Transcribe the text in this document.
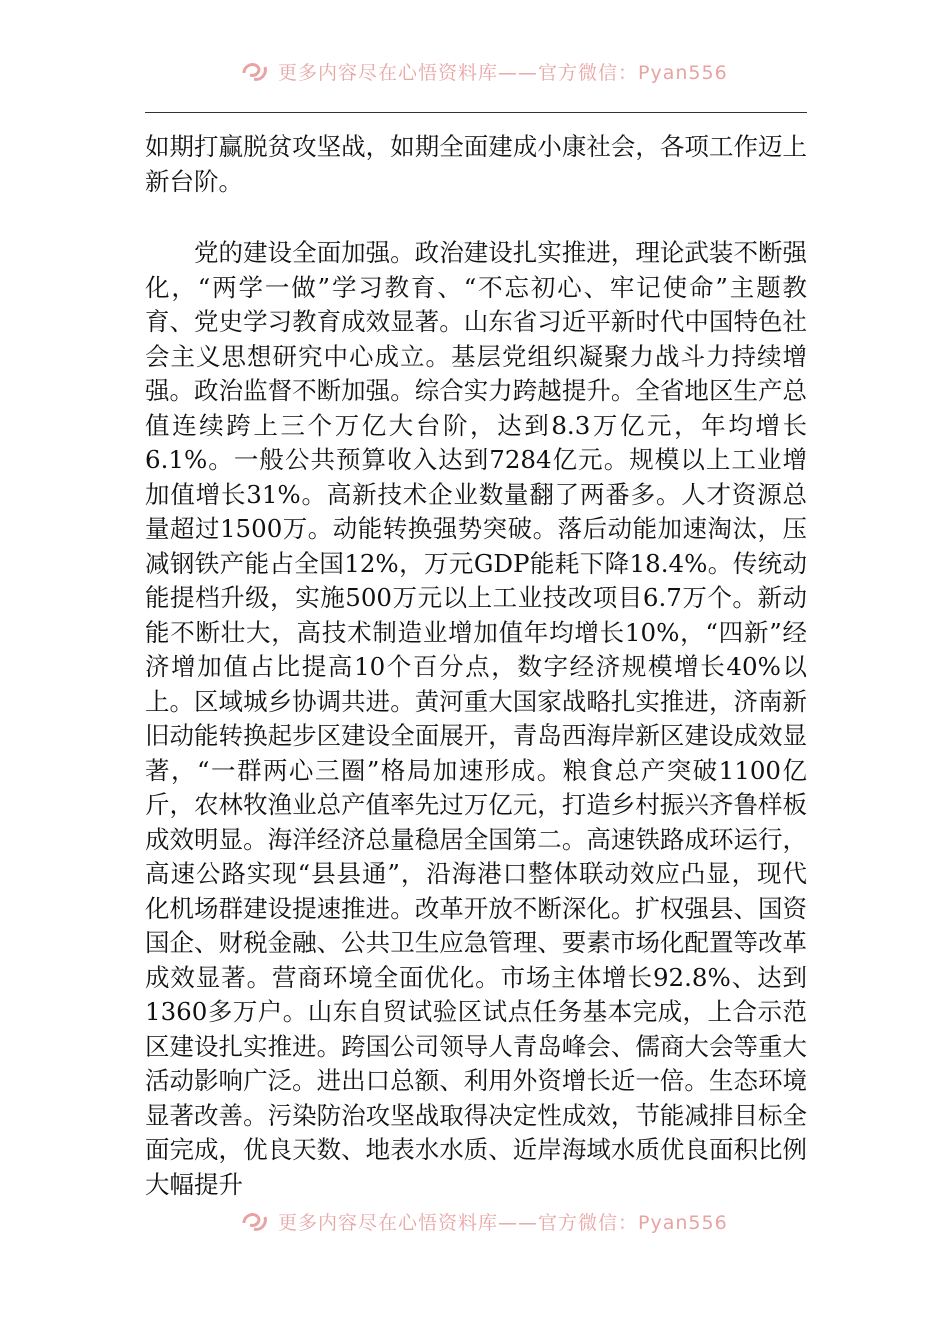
更多内容尽在心悟资料库——官方微信：Pyan556

如期打赢脱贫攻坚战，如期全面建成小康社会，各项工作迈上新台阶。

党的建设全面加强。政治建设扎实推进，理论武装不断强化，“两学一做”学习教育、“不忘初心、牢记使命”主题教育、党史学习教育成效显著。山东省习近平新时代中国特色社会主义思想研究中心成立。基层党组织凝聚力战斗力持续增强。政治监督不断加强。综合实力跨越提升。全省地区生产总值连续跨上三个万亿大台阶，达到8.3万亿元，年均增长6.1%。一般公共预算收入达到7284亿元。规模以上工业增加值增长31%。高新技术企业数量翻了两番多。人才资源总量超过1500万。动能转换强势突破。落后动能加速淘汰，压减钢铁产能占全国12%，万元GDP能耗下降18.4%。传统动能提档升级，实施500万元以上工业技改项目6.7万个。新动能不断壮大，高技术制造业增加值年均增长10%，“四新”经济增加值占比提高10个百分点，数字经济规模增长40%以上。区域城乡协调共进。黄河重大国家战略扎实推进，济南新旧动能转换起步区建设全面展开，青岛西海岸新区建设成效显著，“一群两心三圈”格局加速形成。粮食总产突破1100亿斤，农林牧渔业总产值率先过万亿元，打造乡村振兴齐鲁样板成效明显。海洋经济总量稳居全国第二。高速铁路成环运行，高速公路实现“县县通”，沿海港口整体联动效应凸显，现代化机场群建设提速推进。改革开放不断深化。扩权强县、国资国企、财税金融、公共卫生应急管理、要素市场化配置等改革成效显著。营商环境全面优化。市场主体增长92.8%、达到1360多万户。山东自贸试验区试点任务基本完成，上合示范区建设扎实推进。跨国公司领导人青岛峰会、儒商大会等重大活动影响广泛。进出口总额、利用外资增长近一倍。生态环境显著改善。污染防治攻坚战取得决定性成效，节能减排目标全面完成，优良天数、地表水水质、近岸海域水质优良面积比例大幅提升

更多内容尽在心悟资料库——官方微信：Pyan556
